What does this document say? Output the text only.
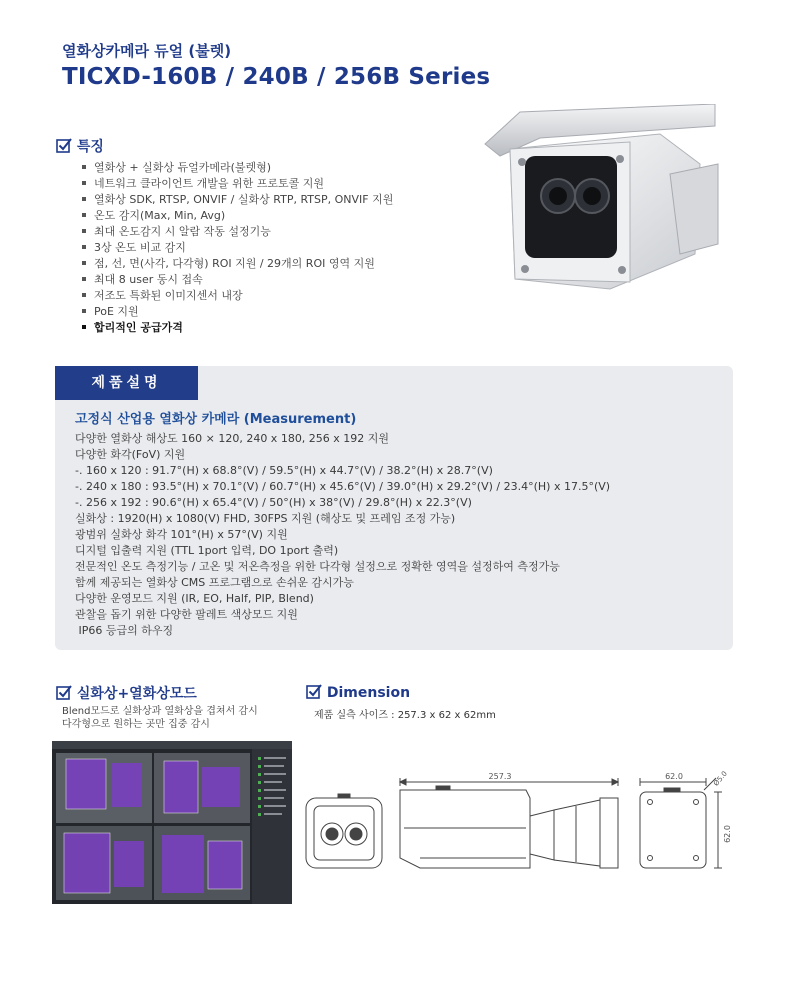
열화상카메라 듀얼 (불렛)
TICXD-160B / 240B / 256B Series
특징
열화상 + 실화상 듀얼카메라(불렛형)
네트워크 클라이언트 개발을 위한 프로토콜 지원
열화상 SDK, RTSP, ONVIF / 실화상 RTP, RTSP, ONVIF 지원
온도 감지(Max, Min, Avg)
최대 온도감지 시 알람 작동 설정기능
3상 온도 비교 감지
점, 선, 면(사각, 다각형) ROI 지원 / 29개의 ROI 영역 지원
최대 8 user 동시 접속
저조도 특화된 이미지센서 내장
PoE 지원
합리적인 공급가격
제품설명
고정식 산업용 열화상 카메라 (Measurement)
다양한 열화상 해상도 160 × 120, 240 x 180, 256 x 192 지원
다양한 화각(FoV) 지원
-. 160 x 120 : 91.7°(H) x 68.8°(V) / 59.5°(H) x 44.7°(V) / 38.2°(H) x 28.7°(V)
-. 240 x 180 : 93.5°(H) x 70.1°(V) / 60.7°(H) x 45.6°(V) / 39.0°(H) x 29.2°(V) / 23.4°(H) x 17.5°(V)
-. 256 x 192 : 90.6°(H) x 65.4°(V) / 50°(H) x 38°(V) / 29.8°(H) x 22.3°(V)
실화상 : 1920(H) x 1080(V) FHD, 30FPS 지원 (해상도 및 프레임 조정 가능)
광범위 실화상 화각 101°(H) x 57°(V) 지원
디지털 입출력 지원 (TTL 1port 입력, DO 1port 출력)
전문적인 온도 측정기능 / 고온 및 저온측정을 위한 다각형 설정으로 정확한 영역을 설정하여 측정가능
함께 제공되는 열화상 CMS 프로그램으로 손쉬운 감시가능
다양한 운영모드 지원 (IR, EO, Half, PIP, Blend)
관찰을 돕기 위한 다양한 팔레트 색상모드 지원
IP66 등급의 하우징
실화상+열화상모드
Blend모드로 실화상과 열화상을 겹쳐서 감시
다각형으로 원하는 곳만 집중 감시
Dimension
제품 실측 사이즈 : 257.3 x 62 x 62mm
257.3	62.0
62.0
Ø5.0
